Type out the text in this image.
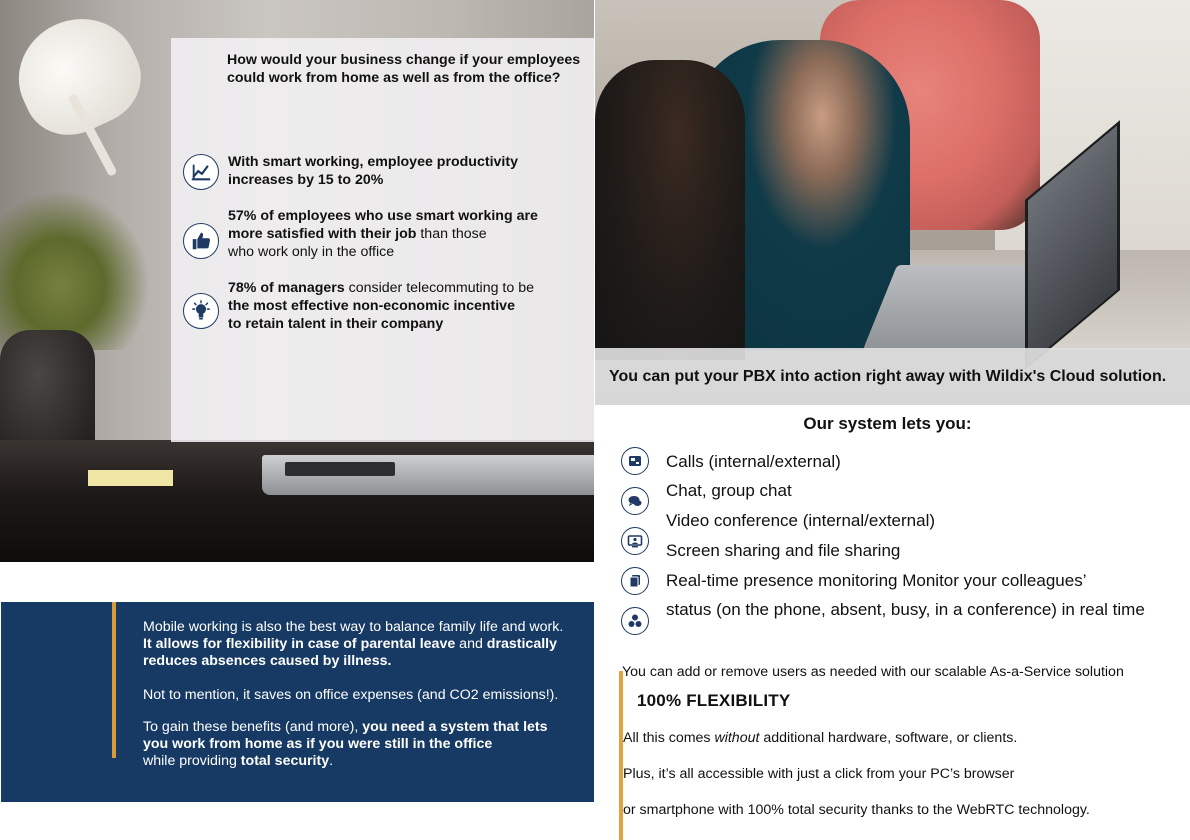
How would your business change if your employees could work from home as well as from the office?

With smart working, employee productivity
increases by 15 to 20%

57% of employees who use smart working are
more satisfied with their job than those
who work only in the office

78% of managers consider telecommuting to be
the most effective non-economic incentive
to retain talent in their company

You can put your PBX into action right away with Wildix's Cloud solution.

Our system lets you:

Calls (internal/external)

Chat, group chat

Video conference (internal/external)

Screen sharing and file sharing

Real-time presence monitoring Monitor your colleagues’

status (on the phone, absent, busy, in a conference) in real time

Mobile working is also the best way to balance family life and work.
It allows for flexibility in case of parental leave and drastically
reduces absences caused by illness.

Not to mention, it saves on office expenses (and CO2 emissions!).

To gain these benefits (and more), you need a system that lets
you work from home as if you were still in the office
while providing total security.

You can add or remove users as needed with our scalable As-a-Service solution

100% FLEXIBILITY

All this comes without additional hardware, software, or clients.

Plus, it’s all accessible with just a click from your PC’s browser

or smartphone with 100% total security thanks to the WebRTC technology.
